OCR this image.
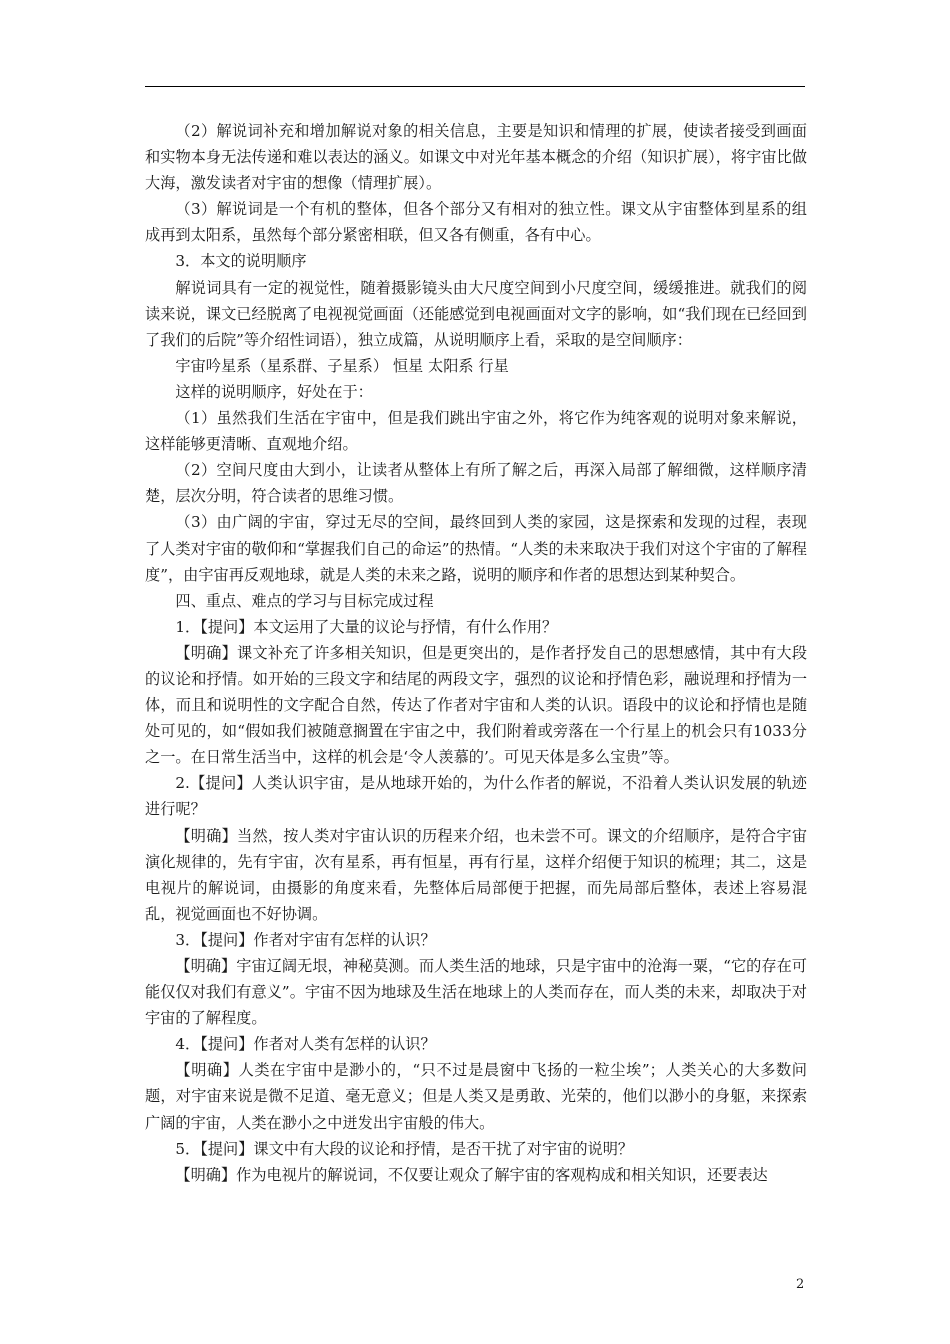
（2）解说词补充和增加解说对象的相关信息，主要是知识和情理的扩展，使读者接受到画面和实物本身无法传递和难以表达的涵义。如课文中对光年基本概念的介绍（知识扩展），将宇宙比做大海，激发读者对宇宙的想像（情理扩展）。

（3）解说词是一个有机的整体，但各个部分又有相对的独立性。课文从宇宙整体到星系的组成再到太阳系，虽然每个部分紧密相联，但又各有侧重，各有中心。

3．本文的说明顺序

解说词具有一定的视觉性，随着摄影镜头由大尺度空间到小尺度空间，缓缓推进。就我们的阅读来说，课文已经脱离了电视视觉画面（还能感觉到电视画面对文字的影响，如“我们现在已经回到了我们的后院”等介绍性词语），独立成篇，从说明顺序上看，采取的是空间顺序：

宇宙吟星系（星系群、子星系） 恒星 太阳系 行星

这样的说明顺序，好处在于：

（1）虽然我们生活在宇宙中，但是我们跳出宇宙之外，将它作为纯客观的说明对象来解说，这样能够更清晰、直观地介绍。

（2）空间尺度由大到小，让读者从整体上有所了解之后，再深入局部了解细微，这样顺序清楚，层次分明，符合读者的思维习惯。

（3）由广阔的宇宙，穿过无尽的空间，最终回到人类的家园，这是探索和发现的过程，表现了人类对宇宙的敬仰和“掌握我们自己的命运”的热情。“人类的未来取决于我们对这个宇宙的了解程度”，由宇宙再反观地球，就是人类的未来之路，说明的顺序和作者的思想达到某种契合。

四、重点、难点的学习与目标完成过程

1．【提问】本文运用了大量的议论与抒情，有什么作用？

【明确】课文补充了许多相关知识，但是更突出的，是作者抒发自己的思想感情，其中有大段的议论和抒情。如开始的三段文字和结尾的两段文字，强烈的议论和抒情色彩，融说理和抒情为一体，而且和说明性的文字配合自然，传达了作者对宇宙和人类的认识。语段中的议论和抒情也是随处可见的，如“假如我们被随意搁置在宇宙之中，我们附着或旁落在一个行星上的机会只有1033分之一。在日常生活当中，这样的机会是‘令人羡慕的’。可见天体是多么宝贵”等。

2.【提问】人类认识宇宙，是从地球开始的，为什么作者的解说，不沿着人类认识发展的轨迹进行呢？

【明确】当然，按人类对宇宙认识的历程来介绍，也未尝不可。课文的介绍顺序，是符合宇宙演化规律的，先有宇宙，次有星系，再有恒星，再有行星，这样介绍便于知识的梳理；其二，这是电视片的解说词，由摄影的角度来看，先整体后局部便于把握，而先局部后整体，表述上容易混乱，视觉画面也不好协调。

3．【提问】作者对宇宙有怎样的认识？

【明确】宇宙辽阔无垠，神秘莫测。而人类生活的地球，只是宇宙中的沧海一粟，“它的存在可能仅仅对我们有意义”。宇宙不因为地球及生活在地球上的人类而存在，而人类的未来，却取决于对宇宙的了解程度。

4．【提问】作者对人类有怎样的认识？

【明确】人类在宇宙中是渺小的，“只不过是晨窗中飞扬的一粒尘埃”；人类关心的大多数问题，对宇宙来说是微不足道、毫无意义；但是人类又是勇敢、光荣的，他们以渺小的身躯，来探索广阔的宇宙，人类在渺小之中迸发出宇宙般的伟大。

5．【提问】课文中有大段的议论和抒情，是否干扰了对宇宙的说明？

【明确】作为电视片的解说词，不仅要让观众了解宇宙的客观构成和相关知识，还要表达

2
